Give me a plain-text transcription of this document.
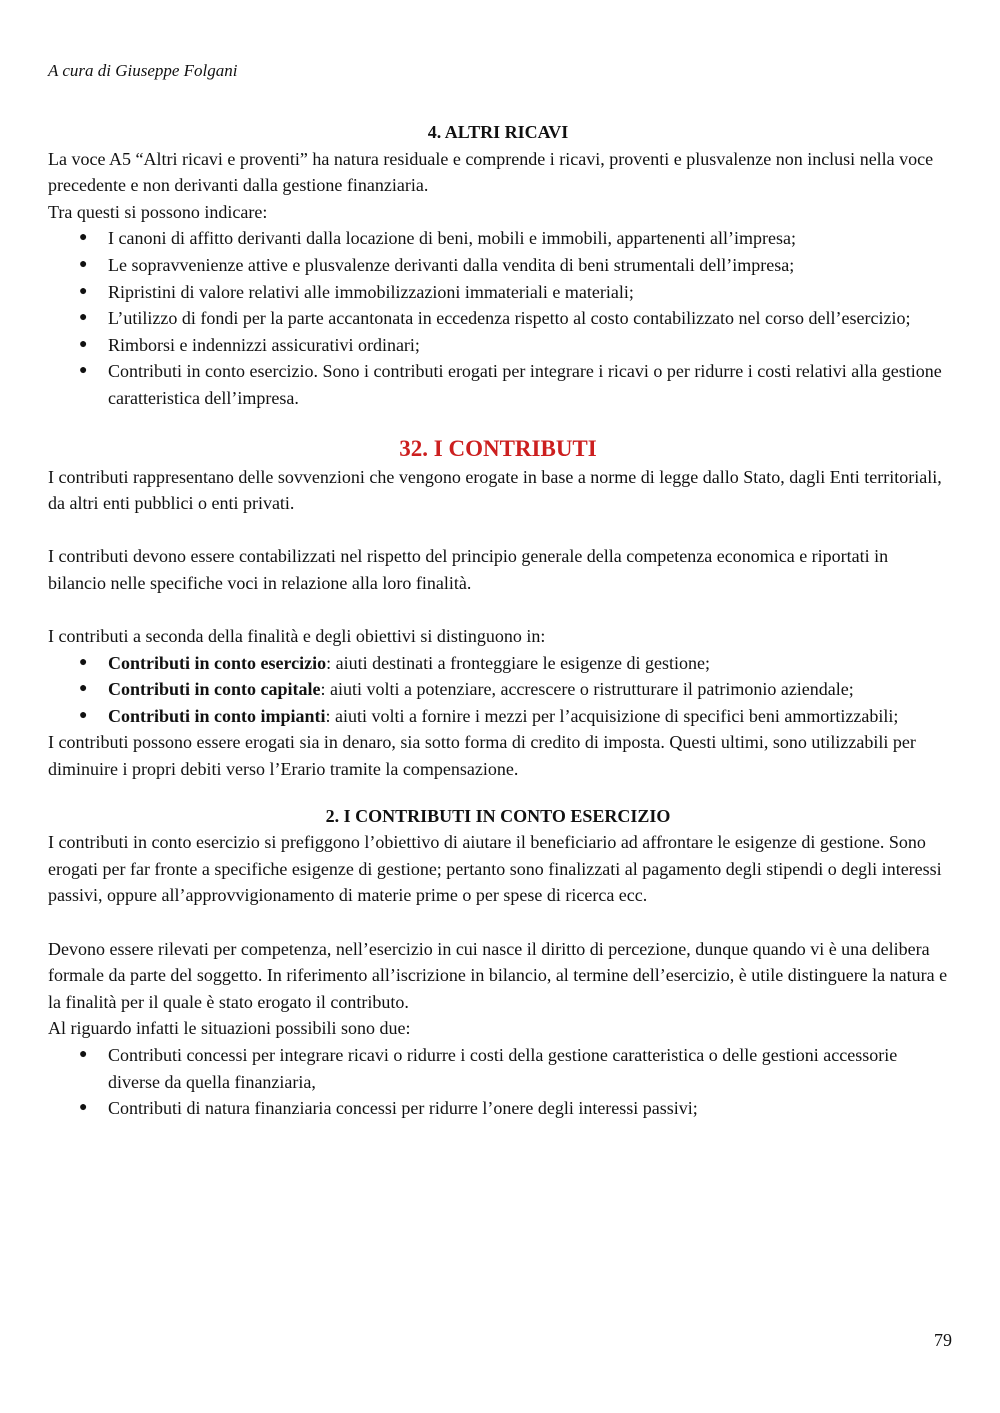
A cura di Giuseppe Folgani

4. ALTRI RICAVI

La voce A5 “Altri ricavi e proventi” ha natura residuale e comprende i ricavi, proventi e plusvalenze non inclusi nella voce precedente e non derivanti dalla gestione finanziaria.

Tra questi si possono indicare:

● I canoni di affitto derivanti dalla locazione di beni, mobili e immobili, appartenenti all’impresa;
● Le sopravvenienze attive e plusvalenze derivanti dalla vendita di beni strumentali dell’impresa;
● Ripristini di valore relativi alle immobilizzazioni immateriali e materiali;
● L’utilizzo di fondi per la parte accantonata in eccedenza rispetto al costo contabilizzato nel corso dell’esercizio;
● Rimborsi e indennizzi assicurativi ordinari;
● Contributi in conto esercizio. Sono i contributi erogati per integrare i ricavi o per ridurre i costi relativi alla gestione caratteristica dell’impresa.

32. I CONTRIBUTI

I contributi rappresentano delle sovvenzioni che vengono erogate in base a norme di legge dallo Stato, dagli Enti territoriali, da altri enti pubblici o enti privati.

I contributi devono essere contabilizzati nel rispetto del principio generale della competenza economica e riportati in bilancio nelle specifiche voci in relazione alla loro finalità.

I contributi a seconda della finalità e degli obiettivi si distinguono in:

● Contributi in conto esercizio: aiuti destinati a fronteggiare le esigenze di gestione;
● Contributi in conto capitale: aiuti volti a potenziare, accrescere o ristrutturare il patrimonio aziendale;
● Contributi in conto impianti: aiuti volti a fornire i mezzi per l’acquisizione di specifici beni ammortizzabili;

I contributi possono essere erogati sia in denaro, sia sotto forma di credito di imposta. Questi ultimi, sono utilizzabili per diminuire i propri debiti verso l’Erario tramite la compensazione.

2. I CONTRIBUTI IN CONTO ESERCIZIO

I contributi in conto esercizio si prefiggono l’obiettivo di aiutare il beneficiario ad affrontare le esigenze di gestione. Sono erogati per far fronte a specifiche esigenze di gestione; pertanto sono finalizzati al pagamento degli stipendi o degli interessi passivi, oppure all’approvvigionamento di materie prime o per spese di ricerca ecc.

Devono essere rilevati per competenza, nell’esercizio in cui nasce il diritto di percezione, dunque quando vi è una delibera formale da parte del soggetto. In riferimento all’iscrizione in bilancio, al termine dell’esercizio, è utile distinguere la natura e la finalità per il quale è stato erogato il contributo.

Al riguardo infatti le situazioni possibili sono due:

● Contributi concessi per integrare ricavi o ridurre i costi della gestione caratteristica o delle gestioni accessorie diverse da quella finanziaria,
● Contributi di natura finanziaria concessi per ridurre l’onere degli interessi passivi;
79
